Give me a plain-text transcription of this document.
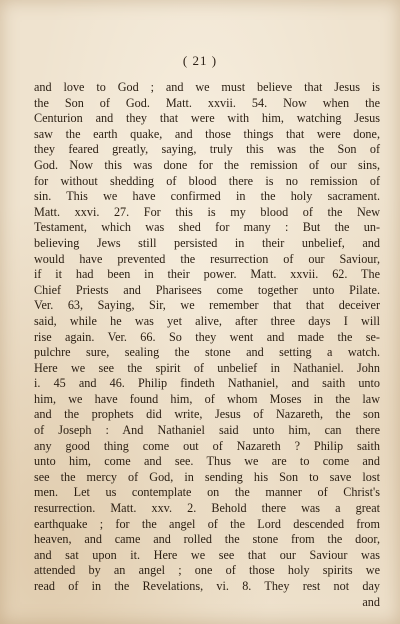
( 21 )
and love to God ; and we must believe that Jesus is
the Son of God. Matt. xxvii. 54. Now when the
Centurion and they that were with him, watching Jesus
saw the earth quake, and those things that were done,
they feared greatly, saying, truly this was the Son of
God. Now this was done for the remission of our sins,
for without shedding of blood there is no remission of
sin. This we have confirmed in the holy sacrament.
Matt. xxvi. 27. For this is my blood of the New
Testament, which was shed for many : But the un-
believing Jews still persisted in their unbelief, and
would have prevented the resurrection of our Saviour,
if it had been in their power. Matt. xxvii. 62. The
Chief Priests and Pharisees come together unto Pilate.
Ver. 63, Saying, Sir, we remember that that deceiver
said, while he was yet alive, after three days I will
rise again. Ver. 66. So they went and made the se-
pulchre sure, sealing the stone and setting a watch.
Here we see the spirit of unbelief in Nathaniel. John
i. 45 and 46. Philip findeth Nathaniel, and saith unto
him, we have found him, of whom Moses in the law
and the prophets did write, Jesus of Nazareth, the son
of Joseph : And Nathaniel said unto him, can there
any good thing come out of Nazareth ? Philip saith
unto him, come and see. Thus we are to come and
see the mercy of God, in sending his Son to save lost
men. Let us contemplate on the manner of Christ's
resurrection. Matt. xxv. 2. Behold there was a great
earthquake ; for the angel of the Lord descended from
heaven, and came and rolled the stone from the door,
and sat upon it. Here we see that our Saviour was
attended by an angel ; one of those holy spirits we
read of in the Revelations, vi. 8. They rest not day
and
